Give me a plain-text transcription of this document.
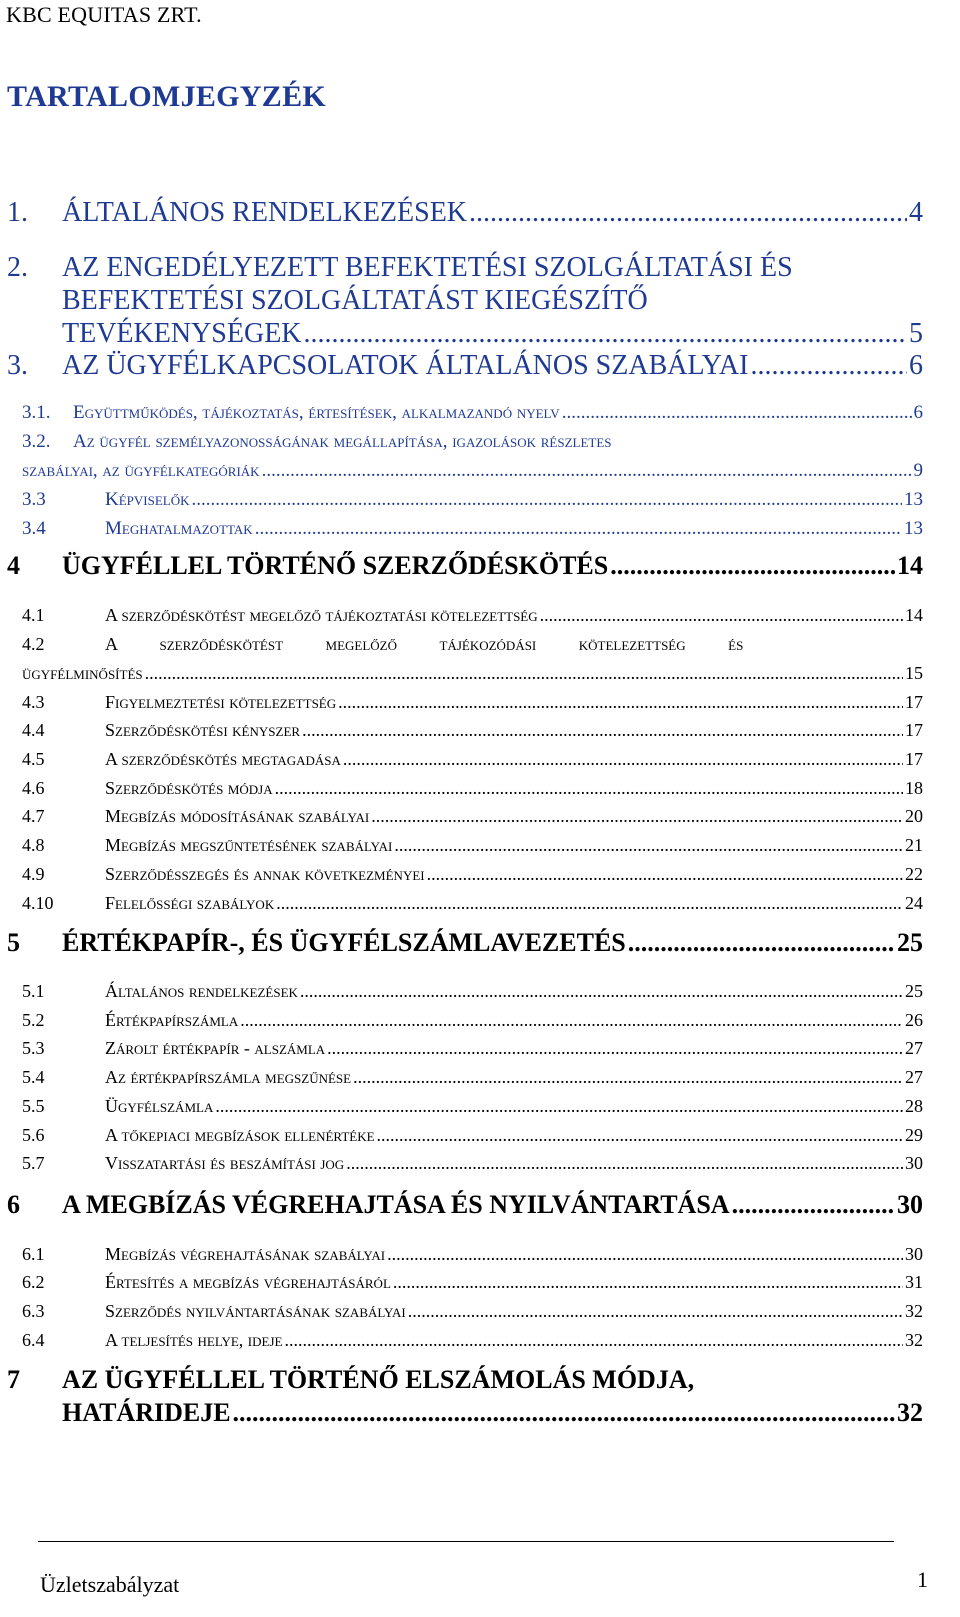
KBC EQUITAS ZRT.
TARTALOMJEGYZÉK
1. ÁLTALÁNOS RENDELKEZÉSEK .....	4
2. AZ ENGEDÉLYEZETT BEFEKTETÉSI SZOLGÁLTATÁSI ÉS
BEFEKTETÉSI SZOLGÁLTATÁST KIEGÉSZÍTŐ
TEVÉKENYSÉGEK .....	5
3. AZ ÜGYFÉLKAPCSOLATOK ÁLTALÁNOS SZABÁLYAI .....	6
3.1. Együttműködés, tájékoztatás, értesítések, alkalmazandó nyelv .....	6
3.2. Az ügyfél személyazonosságának megállapítása, igazolások részletes
szabályai, az ügyfélkategóriák .....	9
3.3	Képviselők .....	13
3.4	Meghatalmazottak .....	13
4 ÜGYFÉLLEL TÖRTÉNŐ SZERZŐDÉSKÖTÉS .....	14
4.1	A szerződéskötést megelőző tájékoztatási kötelezettség .....	14
4.2	A szerződéskötést megelőző tájékozódási kötelezettség és
ügyfélminősítés .....	15
4.3	Figyelmeztetési kötelezettség .....	17
4.4	Szerződéskötési kényszer .....	17
4.5	A szerződéskötés megtagadása .....	17
4.6	Szerződéskötés módja .....	18
4.7	Megbízás módosításának szabályai .....	20
4.8	Megbízás megszűntetésének szabályai .....	21
4.9	Szerződésszegés és annak következményei .....	22
4.10	Felelősségi szabályok .....	24
5 ÉRTÉKPAPÍR-, ÉS ÜGYFÉLSZÁMLAVEZETÉS .....	25
5.1	Általános rendelkezések .....	25
5.2	Értékpapírszámla .....	26
5.3	Zárolt értékpapír - alszámla .....	27
5.4	Az értékpapírszámla megszűnése .....	27
5.5	Ügyfélszámla .....	28
5.6	A tőkepiaci megbízások ellenértéke .....	29
5.7	Visszatartási és beszámítási jog .....	30
6 A MEGBÍZÁS VÉGREHAJTÁSA ÉS NYILVÁNTARTÁSA .....	30
6.1	Megbízás végrehajtásának szabályai .....	30
6.2	Értesítés a megbízás végrehajtásáról .....	31
6.3	Szerződés nyilvántartásának szabályai .....	32
6.4	A teljesítés helye, ideje .....	32
7 AZ ÜGYFÉLLEL TÖRTÉNŐ ELSZÁMOLÁS MÓDJA,
HATÁRIDEJE .....	32
Üzletszabályzat	1
